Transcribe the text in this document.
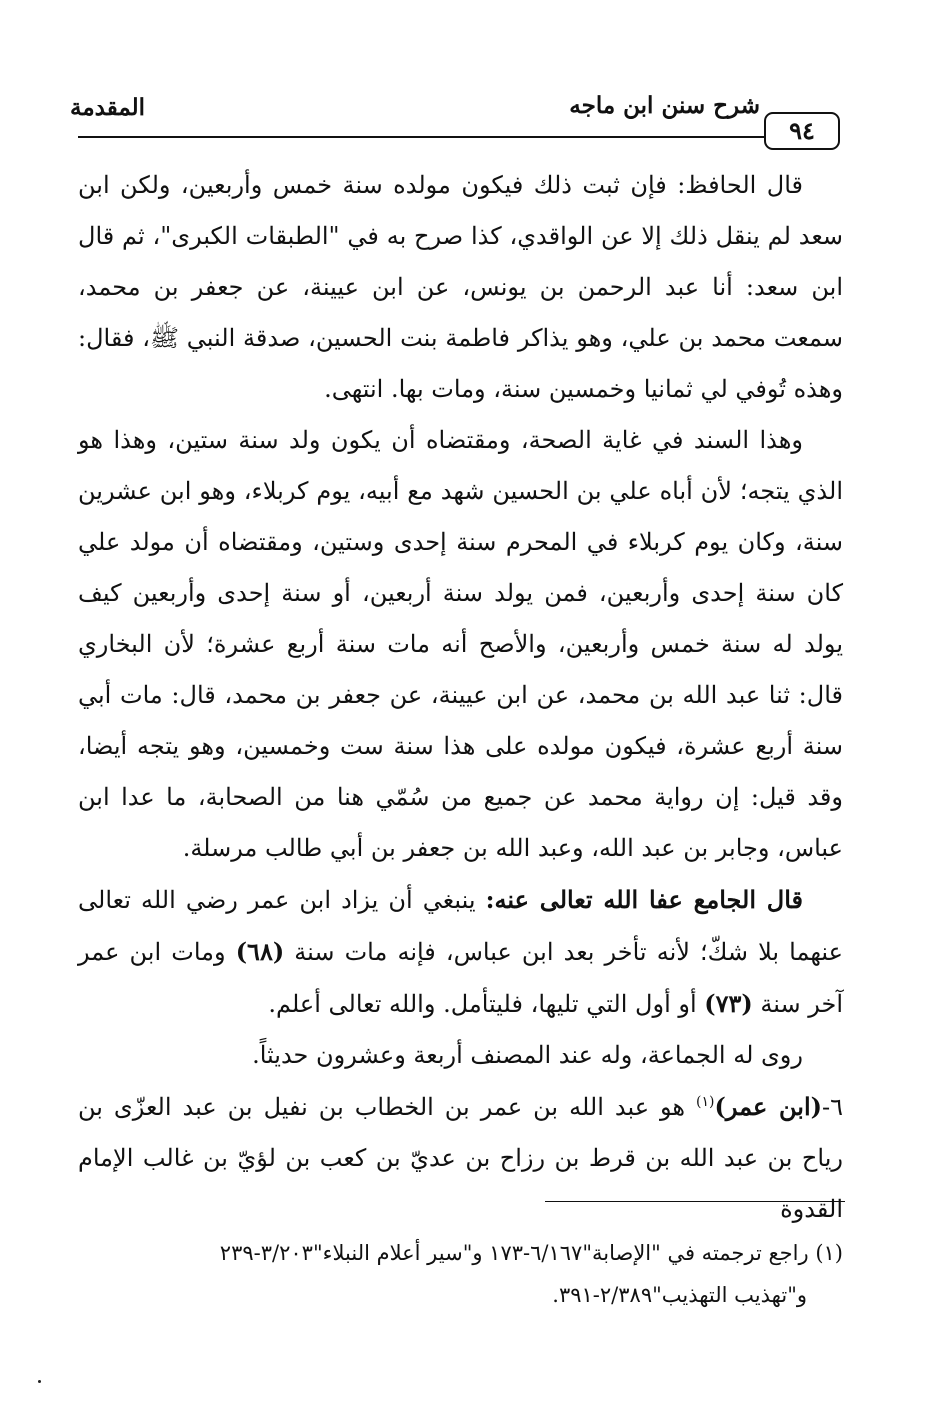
شرح سنن ابن ماجه
المقدمة
٩٤

قال الحافظ: فإن ثبت ذلك فيكون مولده سنة خمس وأربعين، ولكن ابن سعد لم ينقل ذلك إلا عن الواقدي، كذا صرح به في "الطبقات الكبرى"، ثم قال ابن سعد: أنا عبد الرحمن بن يونس، عن ابن عيينة، عن جعفر بن محمد، سمعت محمد بن علي، وهو يذاكر فاطمة بنت الحسين، صدقة النبي ﷺ، فقال: وهذه تُوفي لي ثمانيا وخمسين سنة، ومات بها. انتهى.

وهذا السند في غاية الصحة، ومقتضاه أن يكون ولد سنة ستين، وهذا هو الذي يتجه؛ لأن أباه علي بن الحسين شهد مع أبيه، يوم كربلاء، وهو ابن عشرين سنة، وكان يوم كربلاء في المحرم سنة إحدى وستين، ومقتضاه أن مولد علي كان سنة إحدى وأربعين، فمن يولد سنة أربعين، أو سنة إحدى وأربعين كيف يولد له سنة خمس وأربعين، والأصح أنه مات سنة أربع عشرة؛ لأن البخاري قال: ثنا عبد الله بن محمد، عن ابن عيينة، عن جعفر بن محمد، قال: مات أبي سنة أربع عشرة، فيكون مولده على هذا سنة ست وخمسين، وهو يتجه أيضا، وقد قيل: إن رواية محمد عن جميع من سُمّي هنا من الصحابة، ما عدا ابن عباس، وجابر بن عبد الله، وعبد الله بن جعفر بن أبي طالب مرسلة.

قال الجامع عفا الله تعالى عنه: ينبغي أن يزاد ابن عمر رضي الله تعالى عنهما بلا شكّ؛ لأنه تأخر بعد ابن عباس، فإنه مات سنة (٦٨) ومات ابن عمر آخر سنة (٧٣) أو أول التي تليها، فليتأمل. والله تعالى أعلم.

روى له الجماعة، وله عند المصنف أربعة وعشرون حديثاً.

٦-(ابن عمر)$^{(١)}$ هو عبد الله بن عمر بن الخطاب بن نفيل بن عبد العزّى بن رياح بن عبد الله بن قرط بن رزاح بن عديّ بن كعب بن لؤيّ بن غالب الإمام القدوة

(١) راجع ترجمته في "الإصابة"٦/١٦٧-١٧٣ و"سير أعلام النبلاء"٣/٢٠٣-٢٣٩

و"تهذيب التهذيب"٢/٣٨٩-٣٩١.
